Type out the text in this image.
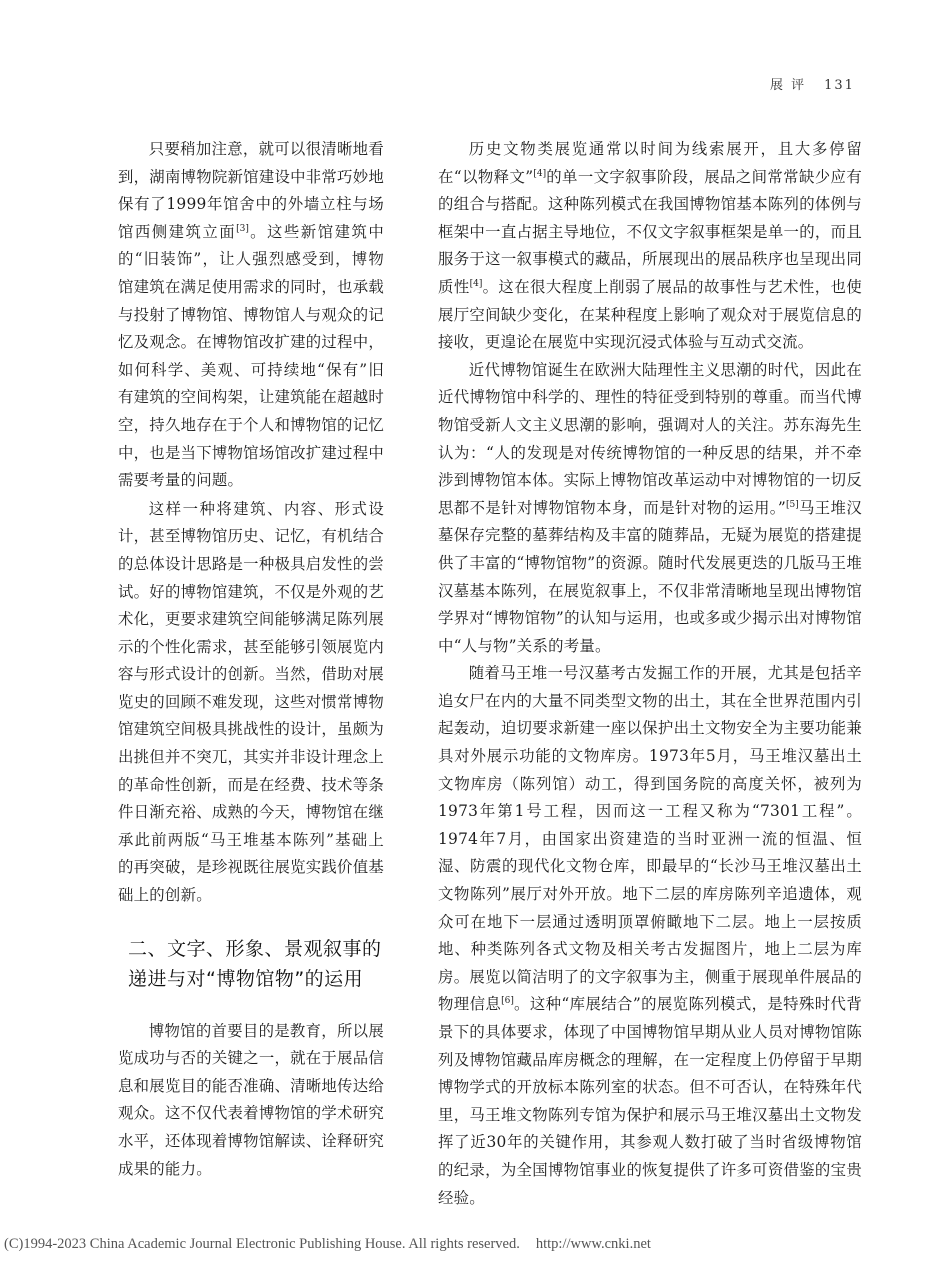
展 评 131

只要稍加注意，就可以很清晰地看到，湖南博物院新馆建设中非常巧妙地保有了1999年馆舍中的外墙立柱与场馆西侧建筑立面[3]。这些新馆建筑中的“旧装饰”，让人强烈感受到，博物馆建筑在满足使用需求的同时，也承载与投射了博物馆、博物馆人与观众的记忆及观念。在博物馆改扩建的过程中，如何科学、美观、可持续地“保有”旧有建筑的空间构架，让建筑能在超越时空，持久地存在于个人和博物馆的记忆中，也是当下博物馆场馆改扩建过程中需要考量的问题。

这样一种将建筑、内容、形式设计，甚至博物馆历史、记忆，有机结合的总体设计思路是一种极具启发性的尝试。好的博物馆建筑，不仅是外观的艺术化，更要求建筑空间能够满足陈列展示的个性化需求，甚至能够引领展览内容与形式设计的创新。当然，借助对展览史的回顾不难发现，这些对惯常博物馆建筑空间极具挑战性的设计，虽颇为出挑但并不突兀，其实并非设计理念上的革命性创新，而是在经费、技术等条件日渐充裕、成熟的今天，博物馆在继承此前两版“马王堆基本陈列”基础上的再突破，是珍视既往展览实践价值基础上的创新。

二、文字、形象、景观叙事的
递进与对“博物馆物”的运用

博物馆的首要目的是教育，所以展览成功与否的关键之一，就在于展品信息和展览目的能否准确、清晰地传达给观众。这不仅代表着博物馆的学术研究水平，还体现着博物馆解读、诠释研究成果的能力。

历史文物类展览通常以时间为线索展开，且大多停留在“以物释文”[4]的单一文字叙事阶段，展品之间常常缺少应有的组合与搭配。这种陈列模式在我国博物馆基本陈列的体例与框架中一直占据主导地位，不仅文字叙事框架是单一的，而且服务于这一叙事模式的藏品，所展现出的展品秩序也呈现出同质性[4]。这在很大程度上削弱了展品的故事性与艺术性，也使展厅空间缺少变化，在某种程度上影响了观众对于展览信息的接收，更遑论在展览中实现沉浸式体验与互动式交流。

近代博物馆诞生在欧洲大陆理性主义思潮的时代，因此在近代博物馆中科学的、理性的特征受到特别的尊重。而当代博物馆受新人文主义思潮的影响，强调对人的关注。苏东海先生认为：“人的发现是对传统博物馆的一种反思的结果，并不牵涉到博物馆本体。实际上博物馆改革运动中对博物馆的一切反思都不是针对博物馆物本身，而是针对物的运用。”[5]马王堆汉墓保存完整的墓葬结构及丰富的随葬品，无疑为展览的搭建提供了丰富的“博物馆物”的资源。随时代发展更迭的几版马王堆汉墓基本陈列，在展览叙事上，不仅非常清晰地呈现出博物馆学界对“博物馆物”的认知与运用，也或多或少揭示出对博物馆中“人与物”关系的考量。

随着马王堆一号汉墓考古发掘工作的开展，尤其是包括辛追女尸在内的大量不同类型文物的出土，其在全世界范围内引起轰动，迫切要求新建一座以保护出土文物安全为主要功能兼具对外展示功能的文物库房。1973年5月，马王堆汉墓出土文物库房（陈列馆）动工，得到国务院的高度关怀，被列为1973年第1号工程，因而这一工程又称为“7301工程”。1974年7月，由国家出资建造的当时亚洲一流的恒温、恒湿、防震的现代化文物仓库，即最早的“长沙马王堆汉墓出土文物陈列”展厅对外开放。地下二层的库房陈列辛追遗体，观众可在地下一层通过透明顶罩俯瞰地下二层。地上一层按质地、种类陈列各式文物及相关考古发掘图片，地上二层为库房。展览以简洁明了的文字叙事为主，侧重于展现单件展品的物理信息[6]。这种“库展结合”的展览陈列模式，是特殊时代背景下的具体要求，体现了中国博物馆早期从业人员对博物馆陈列及博物馆藏品库房概念的理解，在一定程度上仍停留于早期博物学式的开放标本陈列室的状态。但不可否认，在特殊年代里，马王堆文物陈列专馆为保护和展示马王堆汉墓出土文物发挥了近30年的关键作用，其参观人数打破了当时省级博物馆的纪录，为全国博物馆事业的恢复提供了许多可资借鉴的宝贵经验。

(C)1994-2023 China Academic Journal Electronic Publishing House. All rights reserved. http://www.cnki.net
